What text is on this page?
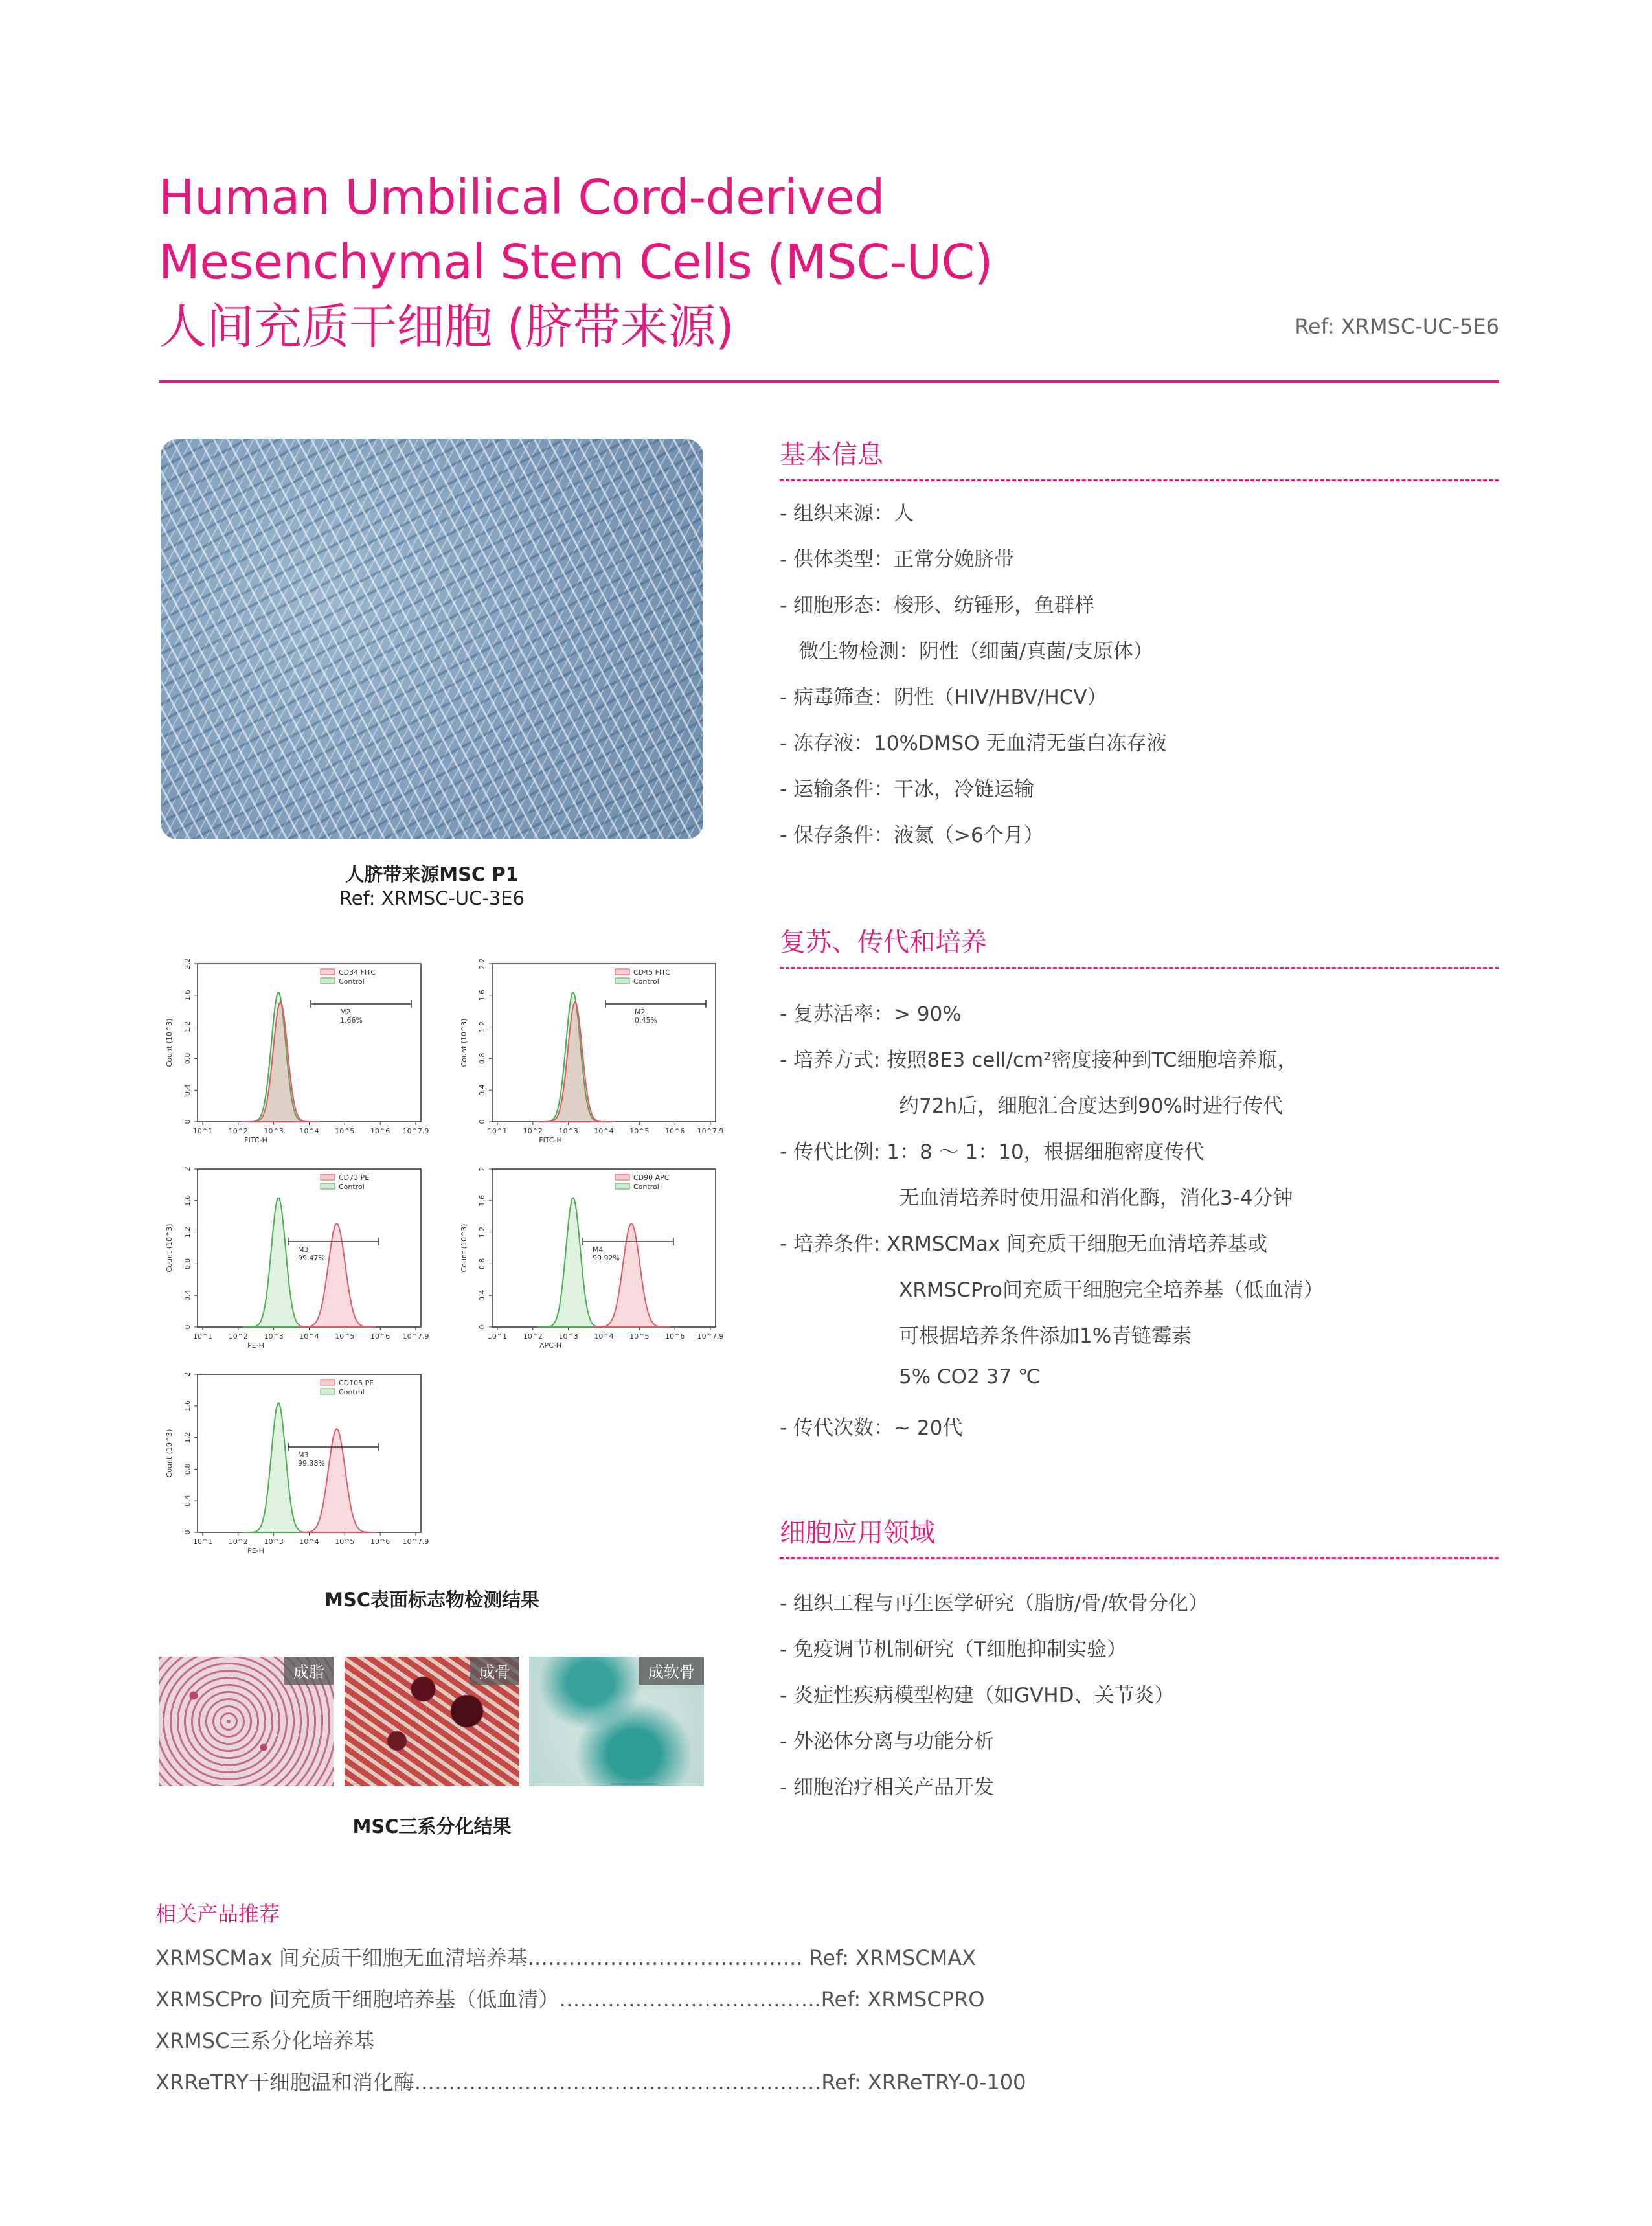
Human Umbilical Cord-derived
Mesenchymal Stem Cells (MSC-UC)
人间充质干细胞 (脐带来源)	Ref: XRMSC-UC-5E6
人脐带来源MSC P1
Ref: XRMSC-UC-3E6
0
0.4
0.8
1.2
1.6
2.2
Count (10^3)
10^1 10^2 10^3 10^4 10^5 10^6 10^7.9
FITC-H
M2
1.66%
CD34 FITC
Control
0
0.4
0.8
1.2
1.6
2.2
Count (10^3)
10^1 10^2 10^3 10^4 10^5 10^6 10^7.9
FITC-H
M2
0.45%
CD45 FITC
Control
0
0.4
0.8
1.2
1.6
2
Count (10^3)
10^1 10^2 10^3 10^4 10^5 10^6 10^7.9
PE-H
M3
99.47%
CD73 PE
Control
0
0.4
0.8
1.2
1.6
2
Count (10^3)
10^1 10^2 10^3 10^4 10^5 10^6 10^7.9
APC-H
M4
99.92%
CD90 APC
Control
0
0.4
0.8
1.2
1.6
2
Count (10^3)
10^1 10^2 10^3 10^4 10^5 10^6 10^7.9
PE-H
M3
99.38%
CD105 PE
Control
MSC表面标志物检测结果
成脂	成骨	成软骨
MSC三系分化结果
基本信息
- 组织来源：人
- 供体类型：正常分娩脐带
- 细胞形态：梭形、纺锤形，鱼群样
微生物检测：阴性（细菌/真菌/支原体）
- 病毒筛查：阴性（HIV/HBV/HCV）
- 冻存液：10%DMSO 无血清无蛋白冻存液
- 运输条件：干冰，冷链运输
- 保存条件：液氮（>6个月）
复苏、传代和培养
- 复苏活率：> 90%
- 培养方式: 按照8E3 cell/cm²密度接种到TC细胞培养瓶，
约72h后，细胞汇合度达到90%时进行传代
- 传代比例: 1：8 ～ 1：10，根据细胞密度传代
无血清培养时使用温和消化酶，消化3-4分钟
- 培养条件: XRMSCMax 间充质干细胞无血清培养基或
XRMSCPro间充质干细胞完全培养基（低血清）
可根据培养条件添加1%青链霉素
5% CO2 37 ℃
- 传代次数：~ 20代
细胞应用领域
- 组织工程与再生医学研究（脂肪/骨/软骨分化）
- 免疫调节机制研究（T细胞抑制实验）
- 炎症性疾病模型构建（如GVHD、关节炎）
- 外泌体分离与功能分析
- 细胞治疗相关产品开发
相关产品推荐
XRMSCMax 间充质干细胞无血清培养基..……………………………….. Ref: XRMSCMAX
XRMSCPro 间充质干细胞培养基（低血清）………………………………..Ref: XRMSCPRO
XRMSC三系分化培养基
XRReTRY干细胞温和消化酶..…………………………………………………Ref: XRReTRY-0-100
